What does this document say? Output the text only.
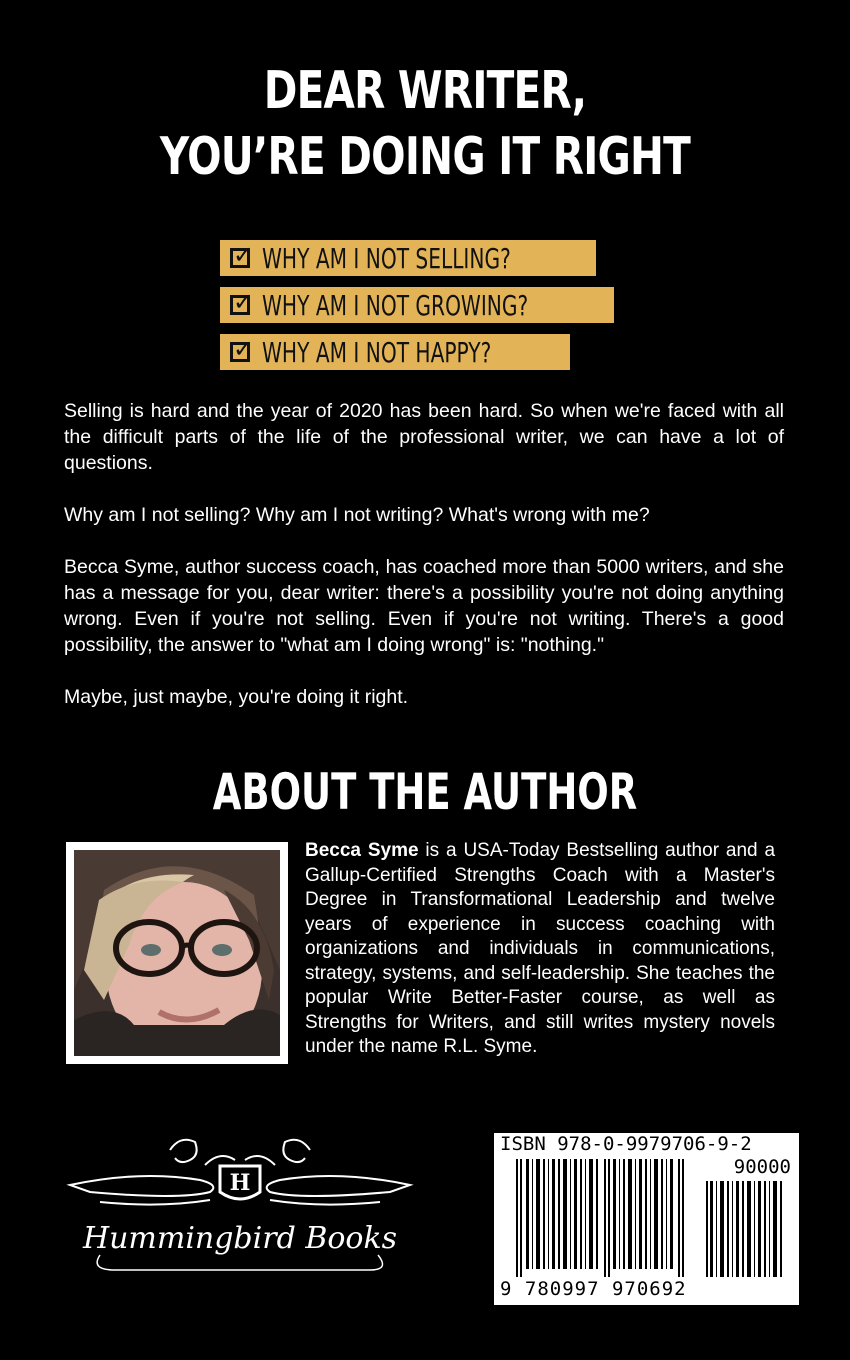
DEAR WRITER,
YOU’RE DOING IT RIGHT
✓
WHY AM I NOT SELLING?
✓
WHY AM I NOT GROWING?
✓
WHY AM I NOT HAPPY?

Selling is hard and the year of 2020 has been hard. So when we're faced with all the difficult parts of the life of the professional writer, we can have a lot of questions.

Why am I not selling? Why am I not writing? What's wrong with me?

Becca Syme, author success coach, has coached more than 5000 writers, and she has a message for you, dear writer: there's a possibility you're not doing anything wrong. Even if you're not selling. Even if you're not writing. There's a good possibility, the answer to "what am I doing wrong" is: "nothing."

Maybe, just maybe, you're doing it right.

ABOUT THE AUTHOR
Becca Syme is a USA-Today Bestselling author and a Gallup-Certified Strengths Coach with a Master's Degree in Transformational Leadership and twelve years of experience in success coaching with organizations and individuals in communications, strategy, systems, and self-leadership. She teaches the popular Write Better-Faster course, as well as Strengths for Writers, and still writes mystery novels under the name R.L. Syme.
H
Hummingbird Books
ISBN 978-0-9979706-9-2
90000
9 780997 970692
